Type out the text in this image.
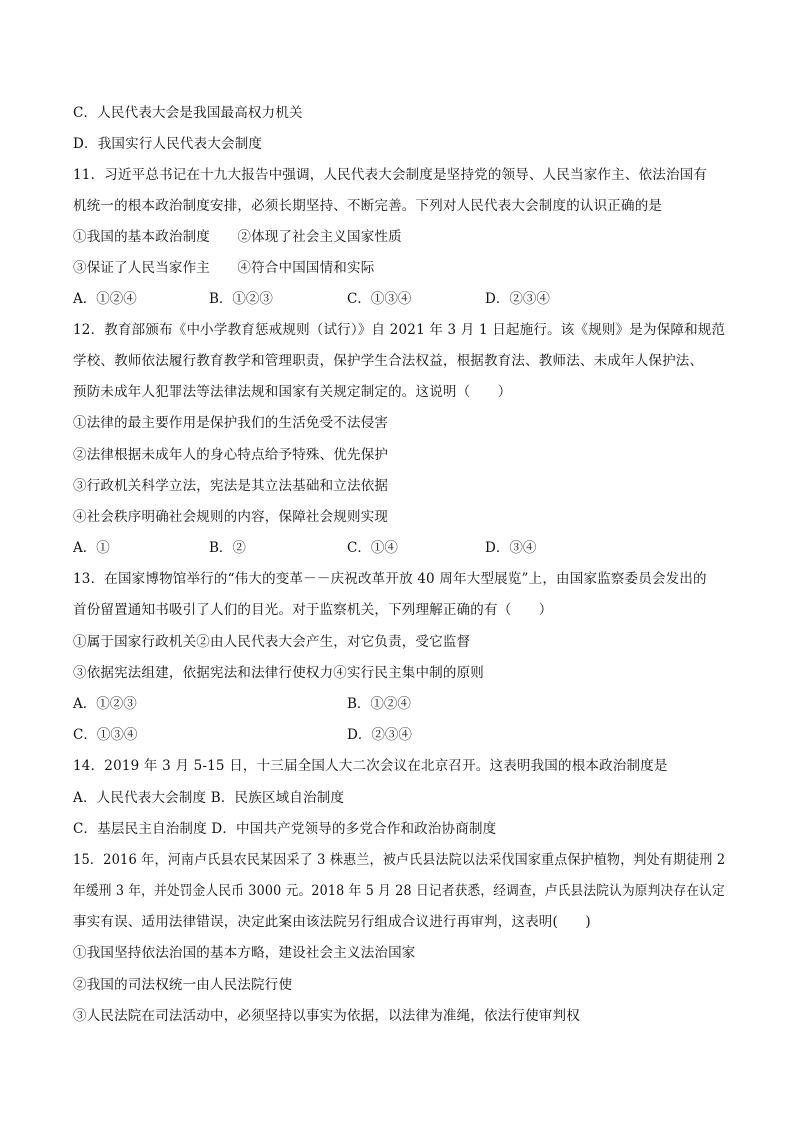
C．人民代表大会是我国最高权力机关
D．我国实行人民代表大会制度
11．习近平总书记在十九大报告中强调，人民代表大会制度是坚持党的领导、人民当家作主、依法治国有
机统一的根本政治制度安排，必须长期坚持、不断完善。下列对人民代表大会制度的认识正确的是
①我国的基本政治制度　　②体现了社会主义国家性质
③保证了人民当家作主　　④符合中国国情和实际
A．①②④	B．①②③	C．①③④	D．②③④
12．教育部颁布《中小学教育惩戒规则（试行）》自 2021 年 3 月 1 日起施行。该《规则》是为保障和规范
学校、教师依法履行教育教学和管理职责，保护学生合法权益，根据教育法、教师法、未成年人保护法、
预防未成年人犯罪法等法律法规和国家有关规定制定的。这说明（　　）
①法律的最主要作用是保护我们的生活免受不法侵害
②法律根据未成年人的身心特点给予特殊、优先保护
③行政机关科学立法，宪法是其立法基础和立法依据
④社会秩序明确社会规则的内容，保障社会规则实现
A．①	B．②	C．①④	D．③④
13．在国家博物馆举行的“伟大的变革－－庆祝改革开放 40 周年大型展览”上，由国家监察委员会发出的
首份留置通知书吸引了人们的目光。对于监察机关，下列理解正确的有（　　）
①属于国家行政机关②由人民代表大会产生，对它负责，受它监督
③依据宪法组建，依据宪法和法律行使权力④实行民主集中制的原则
A．①②③	B．①②④
C．①③④	D．②③④
14．2019 年 3 月 5-15 日，十三届全国人大二次会议在北京召开。这表明我国的根本政治制度是
A．人民代表大会制度 B．民族区域自治制度
C．基层民主自治制度 D．中国共产党领导的多党合作和政治协商制度
15．2016 年，河南卢氏县农民某因采了 3 株惠兰，被卢氏县法院以法采伐国家重点保护植物，判处有期徒刑 2
年缓刑 3 年，并处罚金人民币 3000 元。2018 年 5 月 28 日记者获悉，经调查，卢氏县法院认为原判决存在认定
事实有误、适用法律错误，决定此案由该法院另行组成合议进行再审判，这表明(　　)
①我国坚持依法治国的基本方略，建设社会主义法治国家
②我国的司法权统一由人民法院行使
③人民法院在司法活动中，必须坚持以事实为依据，以法律为准绳，依法行使审判权
